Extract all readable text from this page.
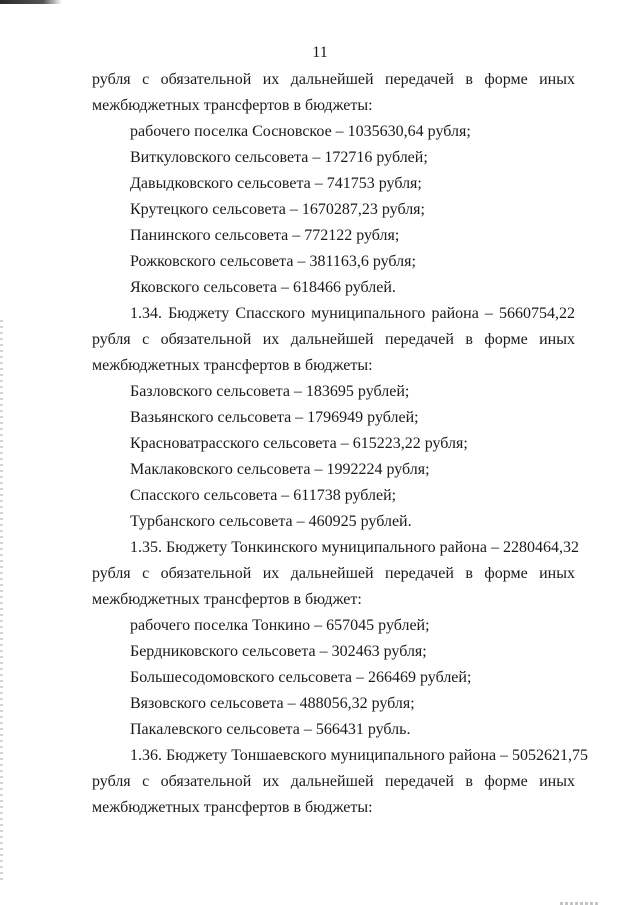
11
рубля с обязательной их дальнейшей передачей в форме иных
межбюджетных трансфертов в бюджеты:
рабочего поселка Сосновское – 1035630,64 рубля;
Виткуловского сельсовета – 172716 рублей;
Давыдковского сельсовета – 741753 рубля;
Крутецкого сельсовета – 1670287,23 рубля;
Панинского сельсовета – 772122 рубля;
Рожковского сельсовета – 381163,6 рубля;
Яковского сельсовета – 618466 рублей.
1.34. Бюджету Спасского муниципального района – 5660754,22
рубля с обязательной их дальнейшей передачей в форме иных
межбюджетных трансфертов в бюджеты:
Базловского сельсовета – 183695 рублей;
Вазьянского сельсовета – 1796949 рублей;
Красноватрасского сельсовета – 615223,22 рубля;
Маклаковского сельсовета – 1992224 рубля;
Спасского сельсовета – 611738 рублей;
Турбанского сельсовета – 460925 рублей.
1.35. Бюджету Тонкинского муниципального района – 2280464,32
рубля с обязательной их дальнейшей передачей в форме иных
межбюджетных трансфертов в бюджет:
рабочего поселка Тонкино – 657045 рублей;
Бердниковского сельсовета – 302463 рубля;
Большесодомовского сельсовета – 266469 рублей;
Вязовского сельсовета – 488056,32 рубля;
Пакалевского сельсовета – 566431 рубль.
1.36. Бюджету Тоншаевского муниципального района – 5052621,75
рубля с обязательной их дальнейшей передачей в форме иных
межбюджетных трансфертов в бюджеты:
